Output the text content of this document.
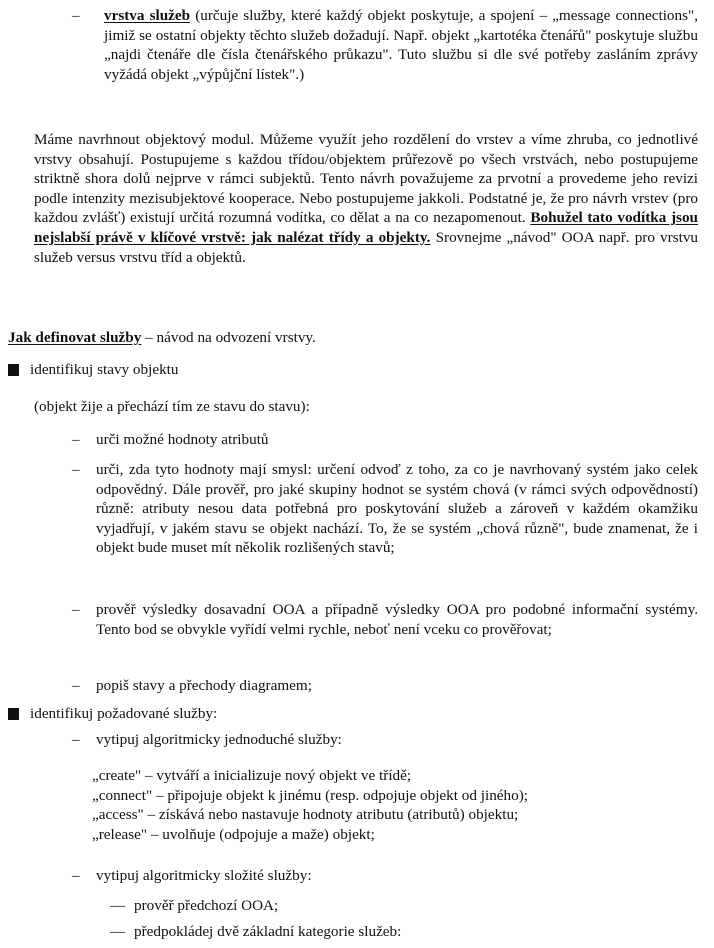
– vrstva služeb (určuje služby, které každý objekt poskytuje, a spojení – „message connections", jimiž se ostatní objekty těchto služeb dožadují. Např. objekt „kartotéka čtenářů" poskytuje službu „najdi čtenáře dle čísla čtenářského průkazu". Tuto službu si dle své potřeby zasláním zprávy vyžádá objekt „výpůjční lístek".)

Máme navrhnout objektový modul. Můžeme využít jeho rozdělení do vrstev a víme zhruba, co jednotlivé vrstvy obsahují. Postupujeme s každou třídou/objektem průřezově po všech vrstvách, nebo postupujeme striktně shora dolů nejprve v rámci subjektů. Tento návrh považujeme za prvotní a provedeme jeho revizi podle intenzity mezisubjektové kooperace. Nebo postupujeme jakkoli. Podstatné je, že pro návrh vrstev (pro každou zvlášť) existují určitá rozumná vodítka, co dělat a na co nezapomenout. Bohužel tato vodítka jsou nejslabší právě v klíčové vrstvě: jak nalézat třídy a objekty. Srovnejme „návod" OOA např. pro vrstvu služeb versus vrstvu tříd a objektů.

Jak definovat služby – návod na odvození vrstvy.

identifikuj stavy objektu

(objekt žije a přechází tím ze stavu do stavu):

– urči možné hodnoty atributů

– urči, zda tyto hodnoty mají smysl: určení odvoď z toho, za co je navrhovaný systém jako celek odpovědný. Dále prověř, pro jaké skupiny hodnot se systém chová (v rámci svých odpovědností) různě: atributy nesou data potřebná pro poskytování služeb a zároveň v každém okamžiku vyjadřují, v jakém stavu se objekt nachází. To, že se systém „chová různě", bude znamenat, že i objekt bude muset mít několik rozlišených stavů;

– prověř výsledky dosavadní OOA a případně výsledky OOA pro podobné informační systémy. Tento bod se obvykle vyřídí velmi rychle, neboť není vceku co prověřovat;

– popiš stavy a přechody diagramem;

identifikuj požadované služby:

– vytipuj algoritmicky jednoduché služby:

„create" – vytváří a inicializuje nový objekt ve třídě;

„connect" – připojuje objekt k jinému (resp. odpojuje objekt od jiného);

„access" – získává nebo nastavuje hodnoty atributu (atributů) objektu;

„release" – uvolňuje (odpojuje a maže) objekt;

– vytipuj algoritmicky složité služby:

— prověř předchozí OOA;

— předpokládej dvě základní kategorie služeb:
